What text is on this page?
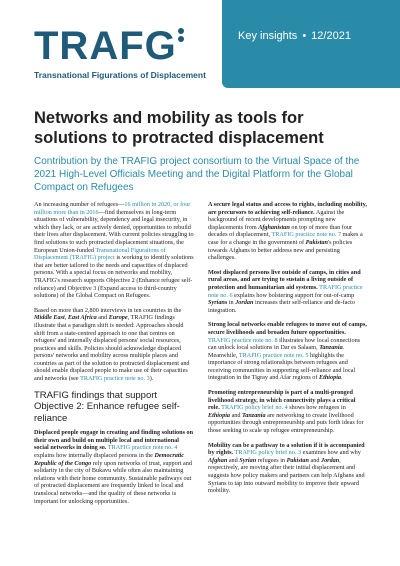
TRAFG
Transnational Figurations of Displacement
Key insights • 12/2021
Networks and mobility as tools for solutions to protracted displacement
Contribution by the TRAFIG project consortium to the Virtual Space of the 2021 High-Level Officials Meeting and the Digital Platform for the Global Compact on Refugees

An increasing number of refugees—16 million in 2020, or four million more than in 2016—find themselves in long-term situations of vulnerability, dependency and legal insecurity, in which they lack, or are actively denied, opportunities to rebuild their lives after displacement. With current policies struggling to find solutions to such protracted displacement situations, the European Union-funded Transnational Figurations of Displacement (TRAFIG) project is working to identify solutions that are better tailored to the needs and capacities of displaced persons. With a special focus on networks and mobility, TRAFIG's research supports Objective 2 (Enhance refugee self-reliance) and Objective 3 (Expand access to third-country solutions) of the Global Compact on Refugees.

Based on more than 2,800 interviews in ten countries in the Middle East, East Africa and Europe, TRAFIG findings illustrate that a paradigm shift is needed: Approaches should shift from a state-centred approach to one that centres on refugees' and internally displaced persons' social resources, practices and skills. Policies should acknowledge displaced persons' networks and mobility across multiple places and countries as part of the solution to protracted displacement and should enable displaced people to make use of their capacities and networks (see TRAFIG practice note no. 3).

TRAFIG findings that support Objective 2: Enhance refugee self-reliance

Displaced people engage in creating and finding solutions on their own and build on multiple local and international social networks in doing so. TRAFIG practice note no. 4 explains how internally displaced persons in the Democratic Republic of the Congo rely upon networks of trust, support and solidarity in the city of Bukavu while often also maintaining relations with their home community. Sustainable pathways out of protracted displacement are frequently linked to local and translocal networks—and the quality of these networks is important for unlocking opportunities.

A secure legal status and access to rights, including mobility, are precursors to achieving self-reliance. Against the background of recent developments prompting new displacements from Afghanistan on top of more than four decades of displacement, TRAFIG practice note no. 7 makes a case for a change in the government of Pakistan's policies towards Afghans to better address new and persisting challenges.

Most displaced persons live outside of camps, in cities and rural areas, and are trying to sustain a living outside of protection and humanitarian aid systems. TRAFIG practice note no. 6 explains how bolstering support for out-of-camp Syrians in Jordan increases their self-reliance and de-facto integration.

Strong local networks enable refugees to move out of camps, secure livelihoods and broaden future opportunities. TRAFIG practice note no. 8 illustrates how local connections can unlock local solutions in Dar es Salaam, Tanzania. Meanwhile, TRAFIG practice note no. 5 highlights the importance of strong relationships between refugees and receiving communities in supporting self-reliance and local integration in the Tigray and Afar regions of Ethiopia.

Promoting entrepreneurship is part of a multi-pronged livelihood strategy, in which connectivity plays a critical role. TRAFIG policy brief no. 4 shows how refugees in Ethiopia and Tanzania are networking to create livelihood opportunities through entrepreneurship and puts forth ideas for those seeking to scale up refugee entrepreneurship.

Mobility can be a pathway to a solution if it is accompanied by rights. TRAFIG policy brief no. 3 examines how and why Afghan and Syrian refugees in Pakistan and Jordan, respectively, are moving after their initial displacement and suggests how policy makers and partners can help Afghans and Syrians to tap into outward mobility to improve their upward mobility.
